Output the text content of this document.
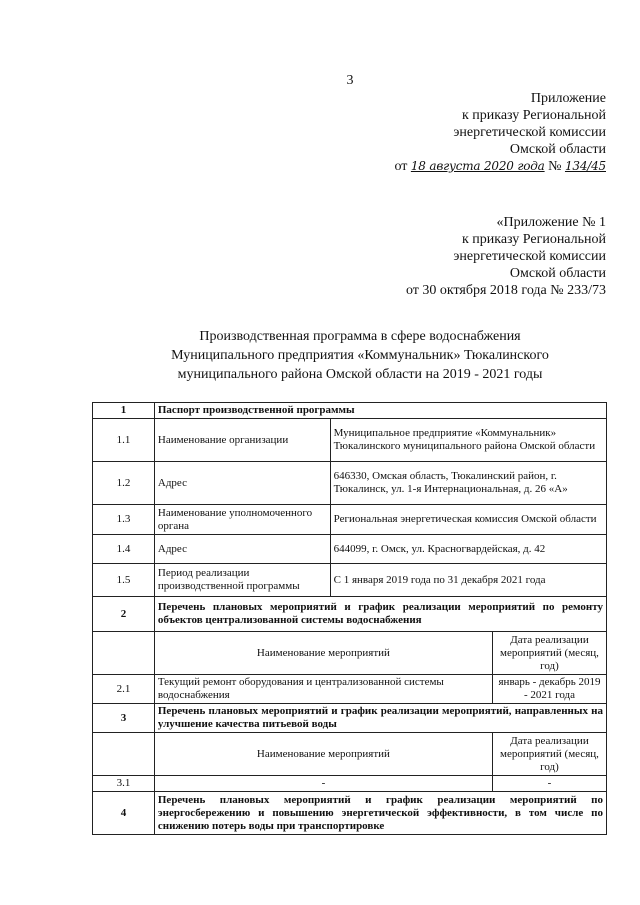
3
Приложение
к приказу Региональной
энергетической комиссии
Омской области
от 18 августа 2020 года № 134/45
«Приложение № 1
к приказу Региональной
энергетической комиссии
Омской области
от 30 октября 2018 года № 233/73
Производственная программа в сфере водоснабжения
Муниципального предприятия «Коммунальник» Тюкалинского
муниципального района Омской области на 2019 - 2021 годы
1	Паспорт производственной программы		
1.1	Наименование организации	Муниципальное предприятие «Коммунальник» Тюкалинского муниципального района Омской области	
1.2	Адрес	646330, Омская область, Тюкалинский район, г. Тюкалинск, ул. 1-я Интернациональная, д. 26 «А»	
1.3	Наименование уполномоченного органа	Региональная энергетическая комиссия Омской области	
1.4	Адрес	644099, г. Омск, ул. Красногвардейская, д. 42	
1.5	Период реализации производственной программы	С 1 января 2019 года по 31 декабря 2021 года	
2	Перечень плановых мероприятий и график реализации мероприятий по ремонту объектов централизованной системы водоснабжения		
	Наименование мероприятий		Дата реализации мероприятий (месяц, год)
2.1	Текущий ремонт оборудования и централизованной системы водоснабжения		январь - декабрь 2019 - 2021 года
3	Перечень плановых мероприятий и график реализации мероприятий, направленных на улучшение качества питьевой воды		
	Наименование мероприятий		Дата реализации мероприятий (месяц, год)
3.1	-		-
4	Перечень плановых мероприятий и график реализации мероприятий по энергосбережению и повышению энергетической эффективности, в том числе по снижению потерь воды при транспортировке		
